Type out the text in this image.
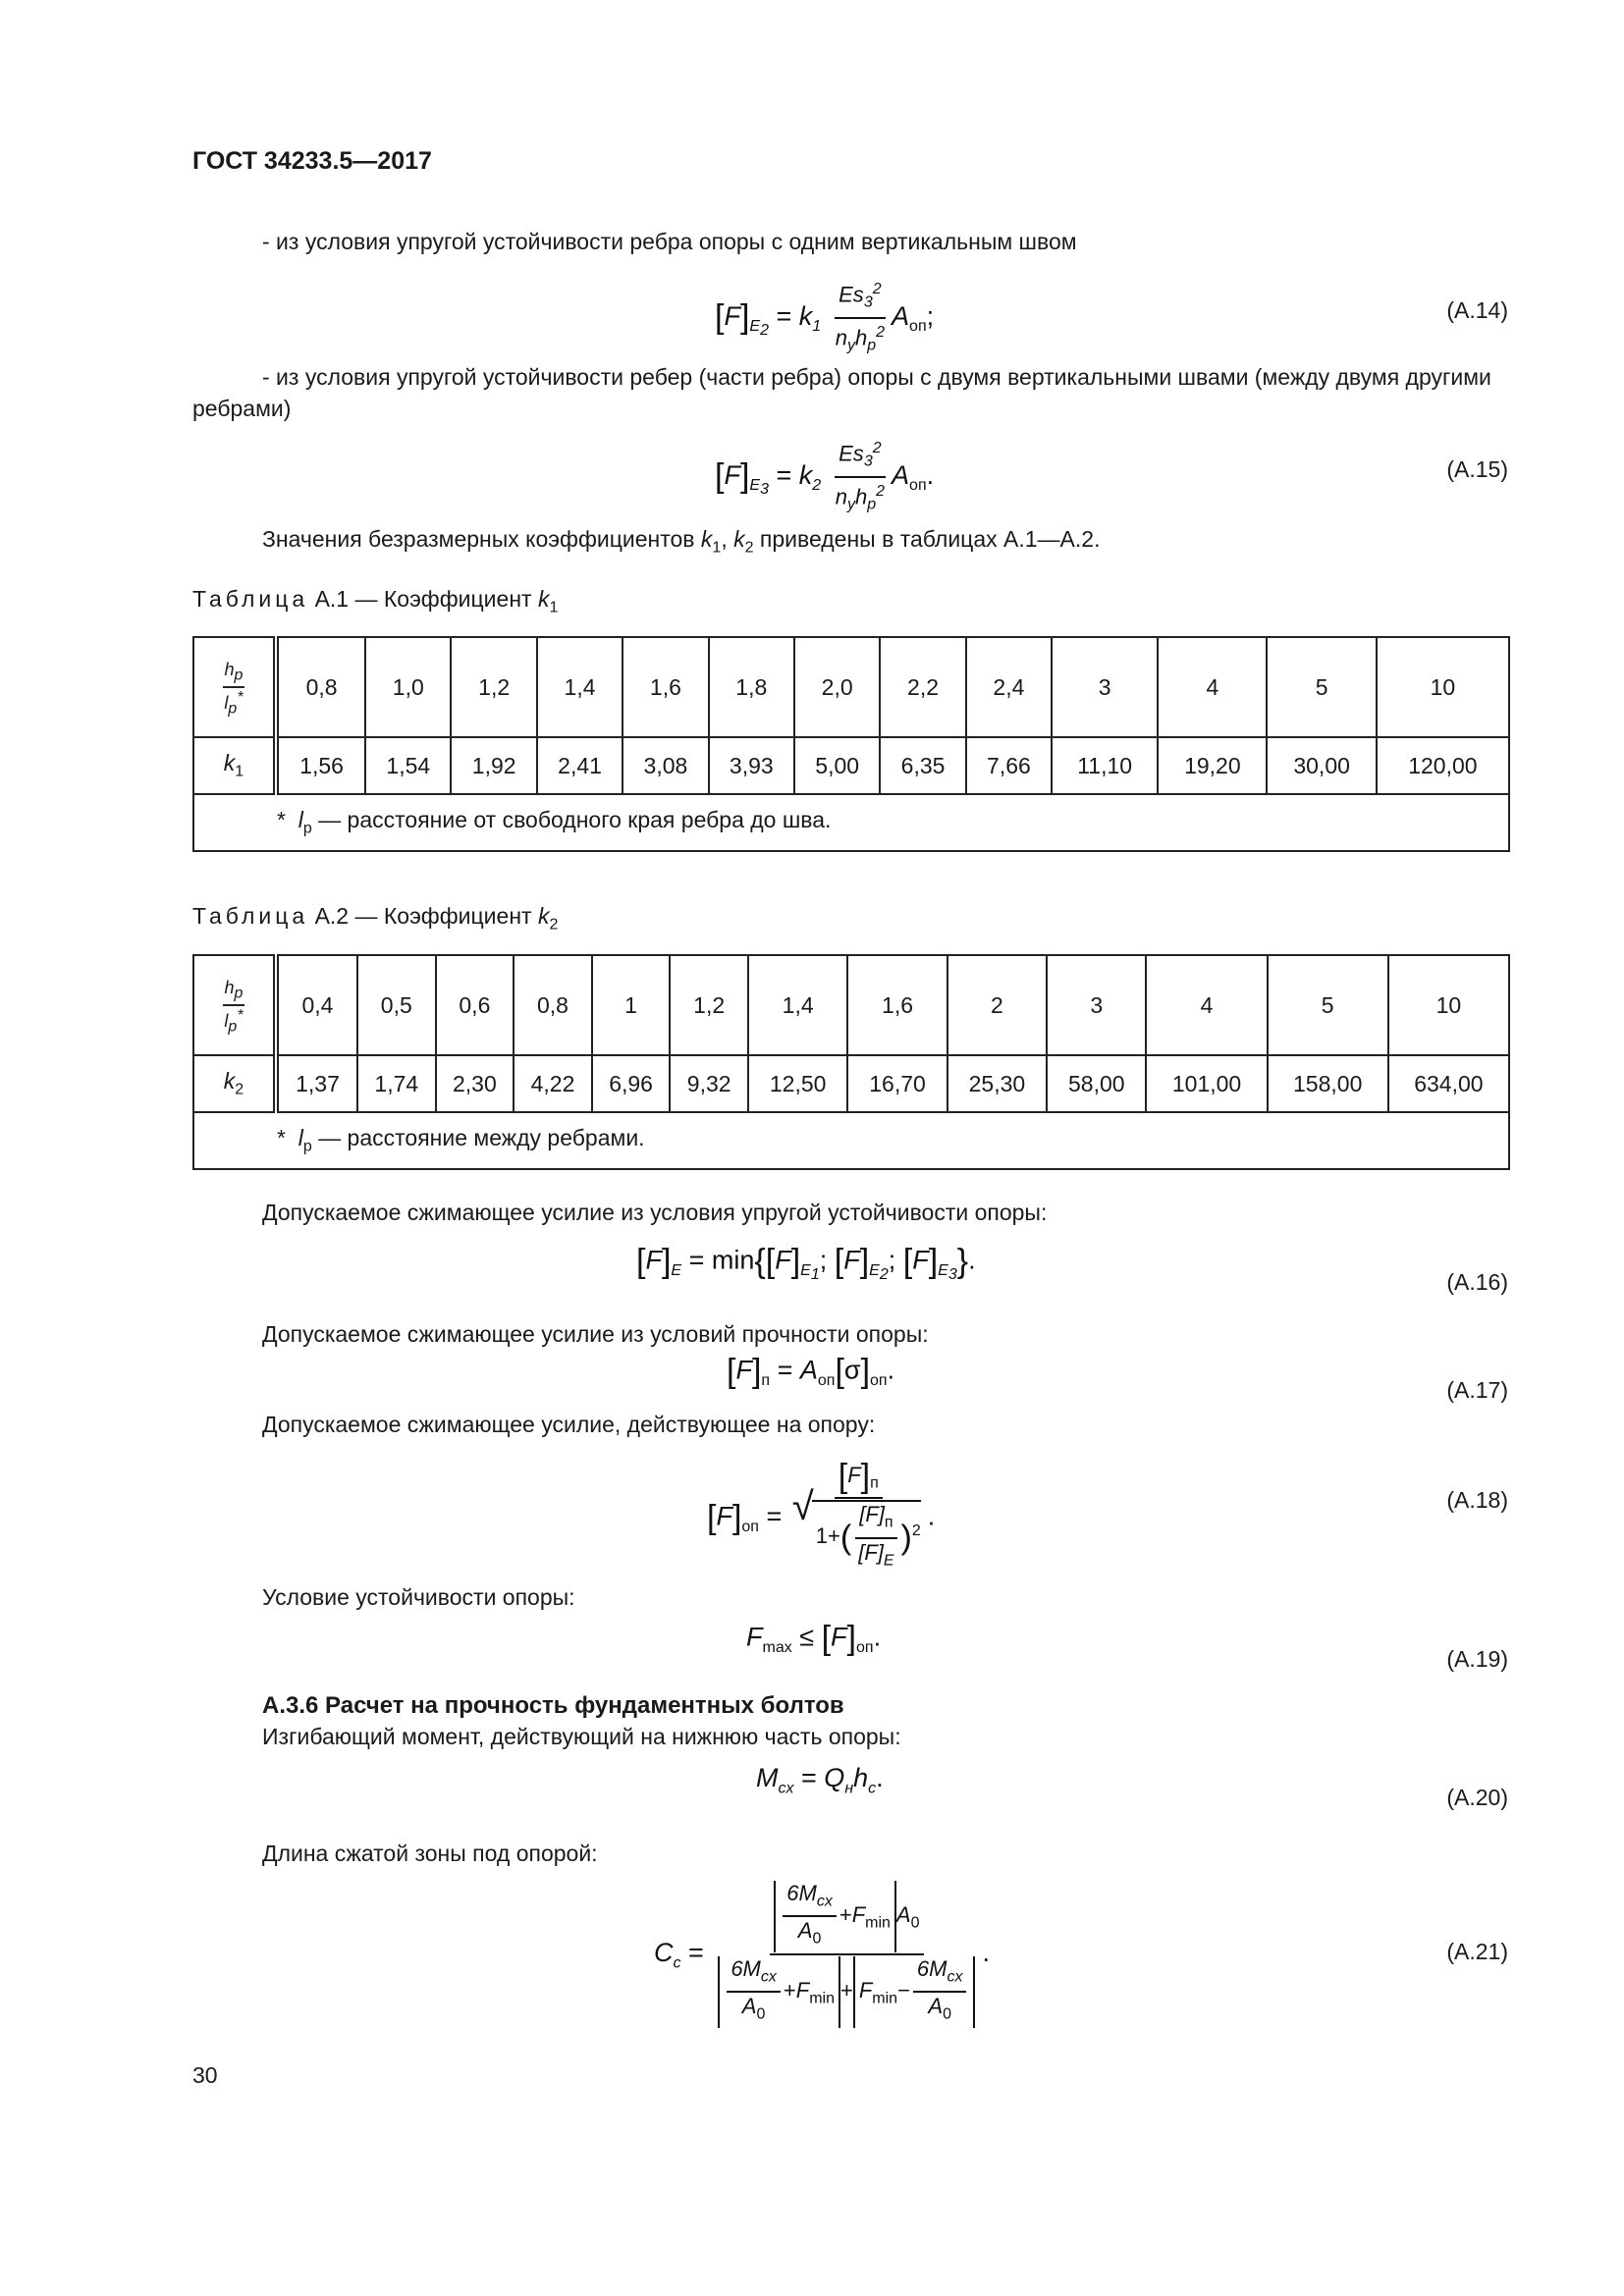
ГОСТ 34233.5—2017
- из условия упругой устойчивости ребра опоры с одним вертикальным швом
$[F]_{E_2} = k_1 \frac{Es_3^2}{n_yh_p^2} A_{оп}$;	(А.14)
- из условия упругой устойчивости ребер (части ребра) опоры с двумя вертикальными швами (между двумя другими ребрами)
$[F]_{E_3} = k_2 \frac{Es_3^2}{n_yh_p^2} A_{оп}$.	(А.15)
Значения безразмерных коэффициентов $k_1$, $k_2$ приведены в таблицах А.1—А.2.
Таблица А.1 — Коэффициент $k_1$
$\frac{h_p}{l_p^*}$	0,8	1,0	1,2	1,4	1,6	1,8	2,0	2,2	2,4	3	4	5	10
$k_1$	1,56	1,54	1,92	2,41	3,08	3,93	5,00	6,35	7,66	11,10	19,20	30,00	120,00
*  $l_p$ — расстояние от свободного края ребра до шва.													
Таблица А.2 — Коэффициент $k_2$
$\frac{h_p}{l_p^*}$	0,4	0,5	0,6	0,8	1	1,2	1,4	1,6	2	3	4	5	10
$k_2$	1,37	1,74	2,30	4,22	6,96	9,32	12,50	16,70	25,30	58,00	101,00	158,00	634,00
*  $l_p$ — расстояние между ребрами.													
Допускаемое сжимающее усилие из условия упругой устойчивости опоры:
$[F]_E = \min\{[F]_{E_1}$; $[F]_{E_2}$; $[F]_{E_3}$}.
(А.16)
Допускаемое сжимающее усилие из условий прочности опоры:
$[F]_п = A_{оп}[\sigma]_{оп}$.
(А.17)
Допускаемое сжимающее усилие, действующее на опору:
$[F]_{оп} = [F]_п$
√ $1+( \frac{[F]_п}{[F]_E} )^2$ .
(А.18)
Условие устойчивости опоры:
$F_{max} \le [F]_{оп}$.
(А.19)
А.3.6 Расчет на прочность фундаментных болтов
Изгибающий момент, действующий на нижнюю часть опоры:
$M_{cx} = Q_нh_c$.
(А.20)
Длина сжатой зоны под опорой:
$C_c = \frac{\frac{6M_{cx}}{A_0} +F_{min} A_0}{\frac{6M_{cx}}{A_0} +F_{min} + F_{min}- \frac{6M_{cx}}{A_0}}$ .	(А.21)
30
